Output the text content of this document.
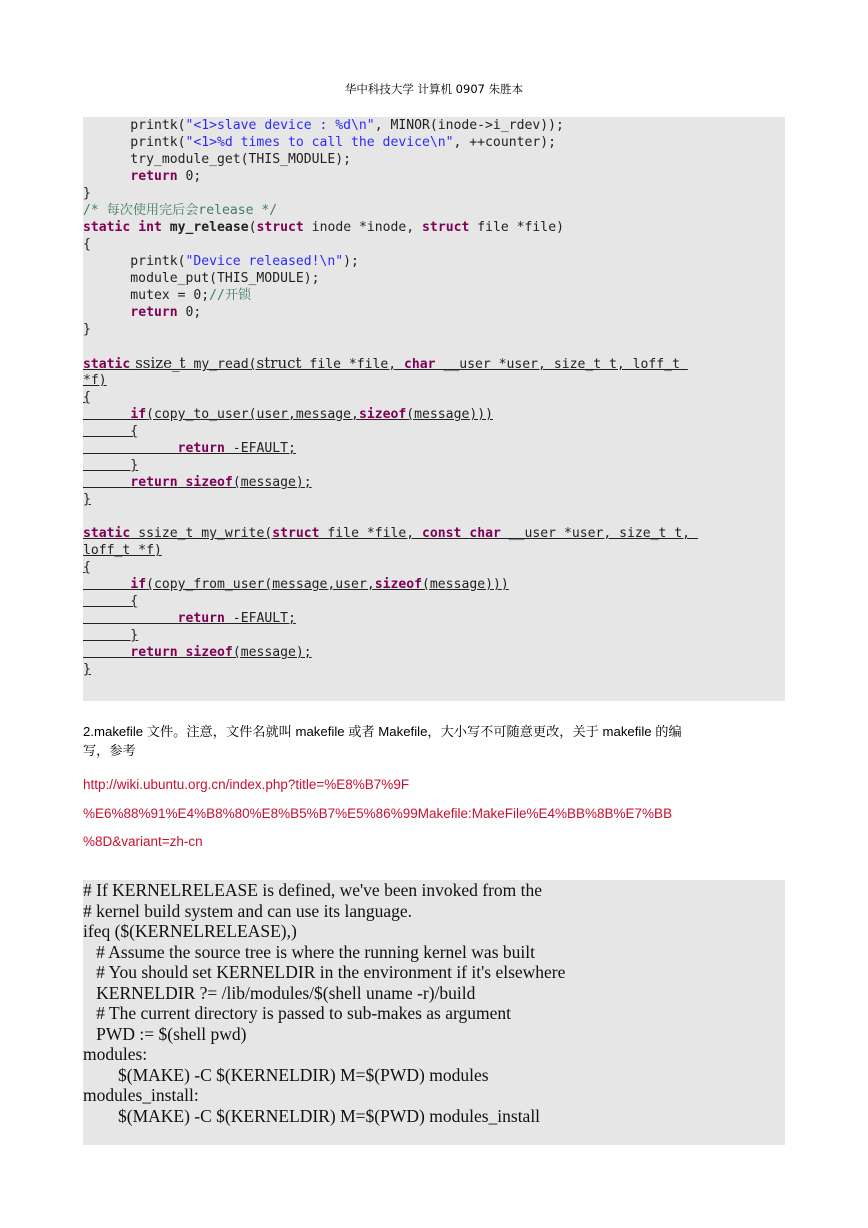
华中科技大学 计算机 0907 朱胜本
printk("<1>slave device : %d\n", MINOR(inode->i_rdev));
printk("<1>%d times to call the device\n", ++counter);
try_module_get(THIS_MODULE);
return 0;
}
/* 每次使用完后会release */
static int my_release(struct inode *inode, struct file *file)
{
printk("Device released!\n");
module_put(THIS_MODULE);
mutex = 0;//开锁
return 0;
}
static ssize_t my_read(struct file *file, char __user *user, size_t t, loff_t
*f)
{
if(copy_to_user(user,message,sizeof(message)))
{
return -EFAULT;
}
return sizeof(message);
}
static ssize_t my_write(struct file *file, const char __user *user, size_t t,
loff_t *f)
{
if(copy_from_user(message,user,sizeof(message)))
{
return -EFAULT;
}
return sizeof(message);
}
2.makefile 文件。注意，文件名就叫 makefile 或者 Makefile，大小写不可随意更改，关于 makefile 的编
写，参考
http://wiki.ubuntu.org.cn/index.php?title=%E8%B7%9F
%E6%88%91%E4%B8%80%E8%B5%B7%E5%86%99Makefile:MakeFile%E4%BB%8B%E7%BB
%8D&variant=zh-cn
# If KERNELRELEASE is defined, we've been invoked from the
# kernel build system and can use its language.
ifeq ($(KERNELRELEASE),)
# Assume the source tree is where the running kernel was built
# You should set KERNELDIR in the environment if it's elsewhere
KERNELDIR ?= /lib/modules/$(shell uname -r)/build
# The current directory is passed to sub-makes as argument
PWD := $(shell pwd)
modules:
$(MAKE) -C $(KERNELDIR) M=$(PWD) modules
modules_install:
$(MAKE) -C $(KERNELDIR) M=$(PWD) modules_install
